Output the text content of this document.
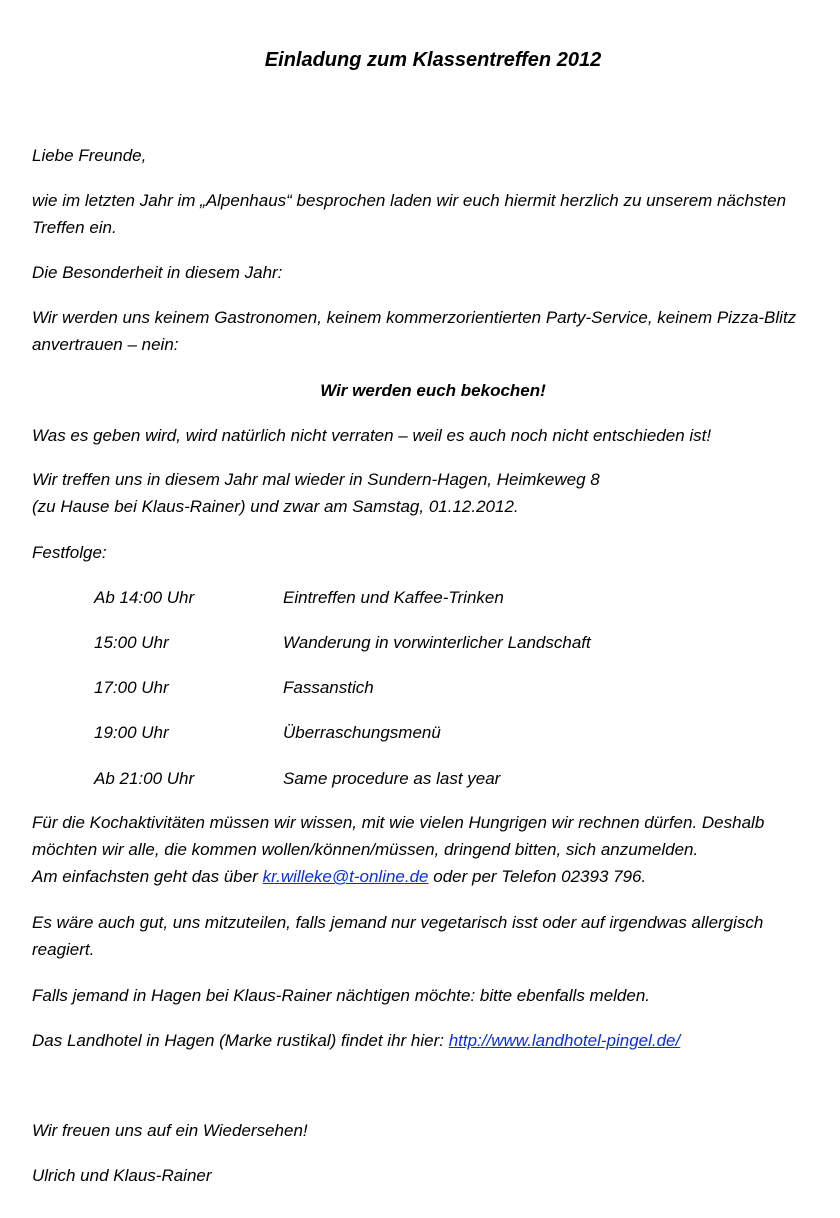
Einladung zum Klassentreffen 2012

Liebe Freunde,

wie im letzten Jahr im „Alpenhaus“ besprochen laden wir euch hiermit herzlich zu unserem nächsten
Treffen ein.

Die Besonderheit in diesem Jahr:

Wir werden uns keinem Gastronomen, keinem kommerzorientierten Party-Service, keinem Pizza-Blitz
anvertrauen – nein:

Wir werden euch bekochen!

Was es geben wird, wird natürlich nicht verraten – weil es auch noch nicht entschieden ist!

Wir treffen uns in diesem Jahr mal wieder in Sundern-Hagen, Heimkeweg 8
(zu Hause bei Klaus-Rainer) und zwar am Samstag, 01.12.2012.

Festfolge:

Ab 14:00 Uhr	Eintreffen und Kaffee-Trinken
15:00 Uhr	Wanderung in vorwinterlicher Landschaft
17:00 Uhr	Fassanstich
19:00 Uhr	Überraschungsmenü
Ab 21:00 Uhr	Same procedure as last year

Für die Kochaktivitäten müssen wir wissen, mit wie vielen Hungrigen wir rechnen dürfen. Deshalb
möchten wir alle, die kommen wollen/können/müssen, dringend bitten, sich anzumelden.
Am einfachsten geht das über kr.willeke@t-online.de oder per Telefon 02393 796.

Es wäre auch gut, uns mitzuteilen, falls jemand nur vegetarisch isst oder auf irgendwas allergisch
reagiert.

Falls jemand in Hagen bei Klaus-Rainer nächtigen möchte: bitte ebenfalls melden.

Das Landhotel in Hagen (Marke rustikal) findet ihr hier: http://www.landhotel-pingel.de/

Wir freuen uns auf ein Wiedersehen!

Ulrich und Klaus-Rainer
